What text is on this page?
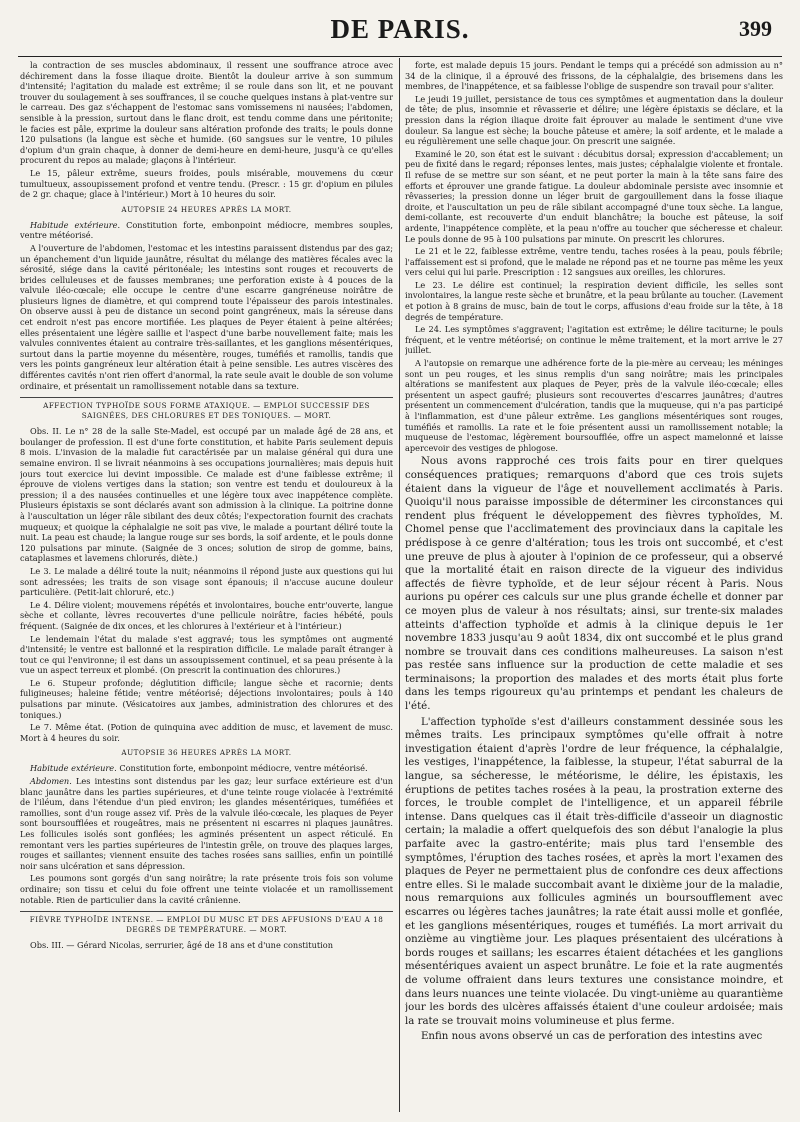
DE PARIS.	399

la contraction de ses muscles abdominaux, il ressent une souffrance atroce avec déchirement dans la fosse iliaque droite. Bientôt la douleur arrive à son summum d'intensité; l'agitation du malade est extrême; il se roule dans son lit, et ne pouvant trouver du soulagement à ses souffrances, il se couche quelques instans à plat-ventre sur le carreau. Des gaz s'échappent de l'estomac sans vomissemens ni nausées; l'abdomen, sensible à la pression, surtout dans le flanc droit, est tendu comme dans une péritonite; le facies est pâle, exprime la douleur sans altération profonde des traits; le pouls donne 120 pulsations (la langue est sèche et humide. (60 sangsues sur le ventre, 10 pilules d'opium d'un grain chaque, à donner de demi-heure en demi-heure, jusqu'à ce qu'elles procurent du repos au malade; glaçons à l'intérieur.

Le 15, pâleur extrême, sueurs froides, pouls misérable, mouvemens du cœur tumultueux, assoupissement profond et ventre tendu. (Prescr. : 15 gr. d'opium en pilules de 2 gr. chaque; glace à l'intérieur.) Mort à 10 heures du soir.

AUTOPSIE 24 HEURES APRÈS LA MORT.

Habitude extérieure. Constitution forte, embonpoint médiocre, membres souples, ventre météorisé.

A l'ouverture de l'abdomen, l'estomac et les intestins paraissent distendus par des gaz; un épanchement d'un liquide jaunâtre, résultat du mélange des matières fécales avec la sérosité, siége dans la cavité péritonéale; les intestins sont rouges et recouverts de brides celluleuses et de fausses membranes; une perforation existe à 4 pouces de la valvule iléo-cœcale; elle occupe le centre d'une escarre gangréneuse noirâtre de plusieurs lignes de diamètre, et qui comprend toute l'épaisseur des parois intestinales. On observe aussi à peu de distance un second point gangréneux, mais la séreuse dans cet endroit n'est pas encore mortifiée. Les plaques de Peyer étaient à peine altérées; elles présentaient une légère saillie et l'aspect d'une barbe nouvellement faite; mais les valvules conniventes étaient au contraire très-saillantes, et les ganglions mésentériques, surtout dans la partie moyenne du mésentère, rouges, tuméfiés et ramollis, tandis que vers les points gangréneux leur altération était à peine sensible. Les autres viscères des différentes cavités n'ont rien offert d'anormal, la rate seule avait le double de son volume ordinaire, et présentait un ramollissement notable dans sa texture.

AFFECTION TYPHOÏDE SOUS FORME ATAXIQUE. — EMPLOI SUCCESSIF DES SAIGNÉES, DES CHLORURES ET DES TONIQUES. — MORT.

Obs. II. Le n° 28 de la salle Ste-Madel, est occupé par un malade âgé de 28 ans, et boulanger de profession. Il est d'une forte constitution, et habite Paris seulement depuis 8 mois. L'invasion de la maladie fut caractérisée par un malaise général qui dura une semaine environ. Il se livrait néanmoins à ses occupations journalières; mais depuis huit jours tout exercice lui devint impossible. Ce malade est d'une faiblesse extrême; il éprouve de violens vertiges dans la station; son ventre est tendu et douloureux à la pression; il a des nausées continuelles et une légère toux avec inappétence complète. Plusieurs épistaxis se sont déclarés avant son admission à la clinique. La poitrine donne à l'auscultation un léger râle sibilant des deux côtés; l'expectoration fournit des crachats muqueux; et quoique la céphalalgie ne soit pas vive, le malade a pourtant déliré toute la nuit. La peau est chaude; la langue rouge sur ses bords, la soif ardente, et le pouls donne 120 pulsations par minute. (Saignée de 3 onces; solution de sirop de gomme, bains, cataplasmes et lavemens chlorurés, diète.)

Le 3. Le malade a déliré toute la nuit; néanmoins il répond juste aux questions qui lui sont adressées; les traits de son visage sont épanouis; il n'accuse aucune douleur particulière. (Petit-lait chloruré, etc.)

Le 4. Délire violent; mouvemens répétés et involontaires, bouche entr'ouverte, langue sèche et collante, lèvres recouvertes d'une pellicule noirâtre, facies hébété, pouls fréquent. (Saignée de dix onces, et les chlorures à l'extérieur et à l'intérieur.)

Le lendemain l'état du malade s'est aggravé; tous les symptômes ont augmenté d'intensité; le ventre est ballonné et la respiration difficile. Le malade paraît étranger à tout ce qui l'environne; il est dans un assoupissement continuel, et sa peau présente à la vue un aspect terreux et plombé. (On prescrit la continuation des chlorures.)

Le 6. Stupeur profonde; déglutition difficile; langue sèche et racornie; dents fuligineuses; haleine fétide; ventre météorisé; déjections involontaires; pouls à 140 pulsations par minute. (Vésicatoires aux jambes, administration des chlorures et des toniques.)

Le 7. Même état. (Potion de quinquina avec addition de musc, et lavement de musc. Mort à 4 heures du soir.

AUTOPSIE 36 HEURES APRÈS LA MORT.

Habitude extérieure. Constitution forte, embonpoint médiocre, ventre météorisé.

Abdomen. Les intestins sont distendus par les gaz; leur surface extérieure est d'un blanc jaunâtre dans les parties supérieures, et d'une teinte rouge violacée à l'extrémité de l'iléum, dans l'étendue d'un pied environ; les glandes mésentériques, tuméfiées et ramollies, sont d'un rouge assez vif. Près de la valvule iléo-cœcale, les plaques de Peyer sont boursoufflées et rougeâtres, mais ne présentent ni escarres ni plaques jaunâtres. Les follicules isolés sont gonflées; les agminés présentent un aspect réticulé. En remontant vers les parties supérieures de l'intestin grêle, on trouve des plaques larges, rouges et saillantes; viennent ensuite des taches rosées sans saillies, enfin un pointillé noir sans ulcération et sans dépression.

Les poumons sont gorgés d'un sang noirâtre; la rate présente trois fois son volume ordinaire; son tissu et celui du foie offrent une teinte violacée et un ramollissement notable. Rien de particulier dans la cavité crânienne.

FIÈVRE TYPHOÏDE INTENSE. — EMPLOI DU MUSC ET DES AFFUSIONS D'EAU A 18 DEGRÉS DE TEMPÉRATURE. — MORT.

Obs. III. — Gérard Nicolas, serrurier, âgé de 18 ans et d'une constitution

forte, est malade depuis 15 jours. Pendant le temps qui a précédé son admission au n° 34 de la clinique, il a éprouvé des frissons, de la céphalalgie, des brisemens dans les membres, de l'inappétence, et sa faiblesse l'oblige de suspendre son travail pour s'aliter.

Le jeudi 19 juillet, persistance de tous ces symptômes et augmentation dans la douleur de tête; de plus, insomnie et rêvasserie et délire; une légère épistaxis se déclare, et la pression dans la région iliaque droite fait éprouver au malade le sentiment d'une vive douleur. Sa langue est sèche; la bouche pâteuse et amère; la soif ardente, et le malade a eu régulièrement une selle chaque jour. On prescrit une saignée.

Examiné le 20, son état est le suivant : décubitus dorsal; expression d'accablement; un peu de fixité dans le regard; réponses lentes, mais justes; céphalalgie violente et frontale. Il refuse de se mettre sur son séant, et ne peut porter la main à la tête sans faire des efforts et éprouver une grande fatigue. La douleur abdominale persiste avec insomnie et rêvasseries; la pression donne un léger bruit de gargouillement dans la fosse iliaque droite, et l'auscultation un peu de râle sibilant accompagné d'une toux sèche. La langue, demi-collante, est recouverte d'un enduit blanchâtre; la bouche est pâteuse, la soif ardente, l'inappétence complète, et la peau n'offre au toucher que sécheresse et chaleur. Le pouls donne de 95 à 100 pulsations par minute. On prescrit les chlorures.

Le 21 et le 22, faiblesse extrême, ventre tendu, taches rosées à la peau, pouls fébrile; l'affaissement est si profond, que le malade ne répond pas et ne tourne pas même les yeux vers celui qui lui parle. Prescription : 12 sangsues aux oreilles, les chlorures.

Le 23. Le délire est continuel; la respiration devient difficile, les selles sont involontaires, la langue reste sèche et brunâtre, et la peau brûlante au toucher. (Lavement et potion à 8 grains de musc, bain de tout le corps, affusions d'eau froide sur la tête, à 18 degrés de température.

Le 24. Les symptômes s'aggravent; l'agitation est extrême; le délire taciturne; le pouls fréquent, et le ventre météorisé; on continue le même traitement, et la mort arrive le 27 juillet.

A l'autopsie on remarque une adhérence forte de la pie-mère au cerveau; les méninges sont un peu rouges, et les sinus remplis d'un sang noirâtre; mais les principales altérations se manifestent aux plaques de Peyer, près de la valvule iléo-cœcale; elles présentent un aspect gaufré; plusieurs sont recouvertes d'escarres jaunâtres; d'autres présentent un commencement d'ulcération, tandis que la muqueuse, qui n'a pas participé à l'inflammation, est d'une pâleur extrême. Les ganglions mésentériques sont rouges, tuméfiés et ramollis. La rate et le foie présentent aussi un ramollissement notable; la muqueuse de l'estomac, légèrement boursoufflée, offre un aspect mamelonné et laisse apercevoir des vestiges de phlogose.

Nous avons rapproché ces trois faits pour en tirer quelques conséquences pratiques; remarquons d'abord que ces trois sujets étaient dans la vigueur de l'âge et nouvellement acclimatés à Paris. Quoiqu'il nous paraisse impossible de déterminer les circonstances qui rendent plus fréquent le développement des fièvres typhoïdes, M. Chomel pense que l'acclimatement des provinciaux dans la capitale les prédispose à ce genre d'altération; tous les trois ont succombé, et c'est une preuve de plus à ajouter à l'opinion de ce professeur, qui a observé que la mortalité était en raison directe de la vigueur des individus affectés de fièvre typhoïde, et de leur séjour récent à Paris. Nous aurions pu opérer ces calculs sur une plus grande échelle et donner par ce moyen plus de valeur à nos résultats; ainsi, sur trente-six malades atteints d'affection typhoïde et admis à la clinique depuis le 1er novembre 1833 jusqu'au 9 août 1834, dix ont succombé et le plus grand nombre se trouvait dans ces conditions malheureuses. La saison n'est pas restée sans influence sur la production de cette maladie et ses terminaisons; la proportion des malades et des morts était plus forte dans les temps rigoureux qu'au printemps et pendant les chaleurs de l'été.

L'affection typhoïde s'est d'ailleurs constamment dessinée sous les mêmes traits. Les principaux symptômes qu'elle offrait à notre investigation étaient d'après l'ordre de leur fréquence, la céphalalgie, les vestiges, l'inappétence, la faiblesse, la stupeur, l'état saburral de la langue, sa sécheresse, le météorisme, le délire, les épistaxis, les éruptions de petites taches rosées à la peau, la prostration externe des forces, le trouble complet de l'intelligence, et un appareil fébrile intense. Dans quelques cas il était très-difficile d'asseoir un diagnostic certain; la maladie a offert quelquefois des son début l'analogie la plus parfaite avec la gastro-entérite; mais plus tard l'ensemble des symptômes, l'éruption des taches rosées, et après la mort l'examen des plaques de Peyer ne permettaient plus de confondre ces deux affections entre elles. Si le malade succombait avant le dixième jour de la maladie, nous remarquions aux follicules agminés un boursoufflement avec escarres ou légères taches jaunâtres; la rate était aussi molle et gonflée, et les ganglions mésentériques, rouges et tuméfiés. La mort arrivait du onzième au vingtième jour. Les plaques présentaient des ulcérations à bords rouges et saillans; les escarres étaient détachées et les ganglions mésentériques avaient un aspect brunâtre. Le foie et la rate augmentés de volume offraient dans leurs textures une consistance moindre, et dans leurs nuances une teinte violacée. Du vingt-unième au quarantième jour les bords des ulcères affaissés étaient d'une couleur ardoisée; mais la rate se trouvait moins volumineuse et plus ferme.

Enfin nous avons observé un cas de perforation des intestins avec
